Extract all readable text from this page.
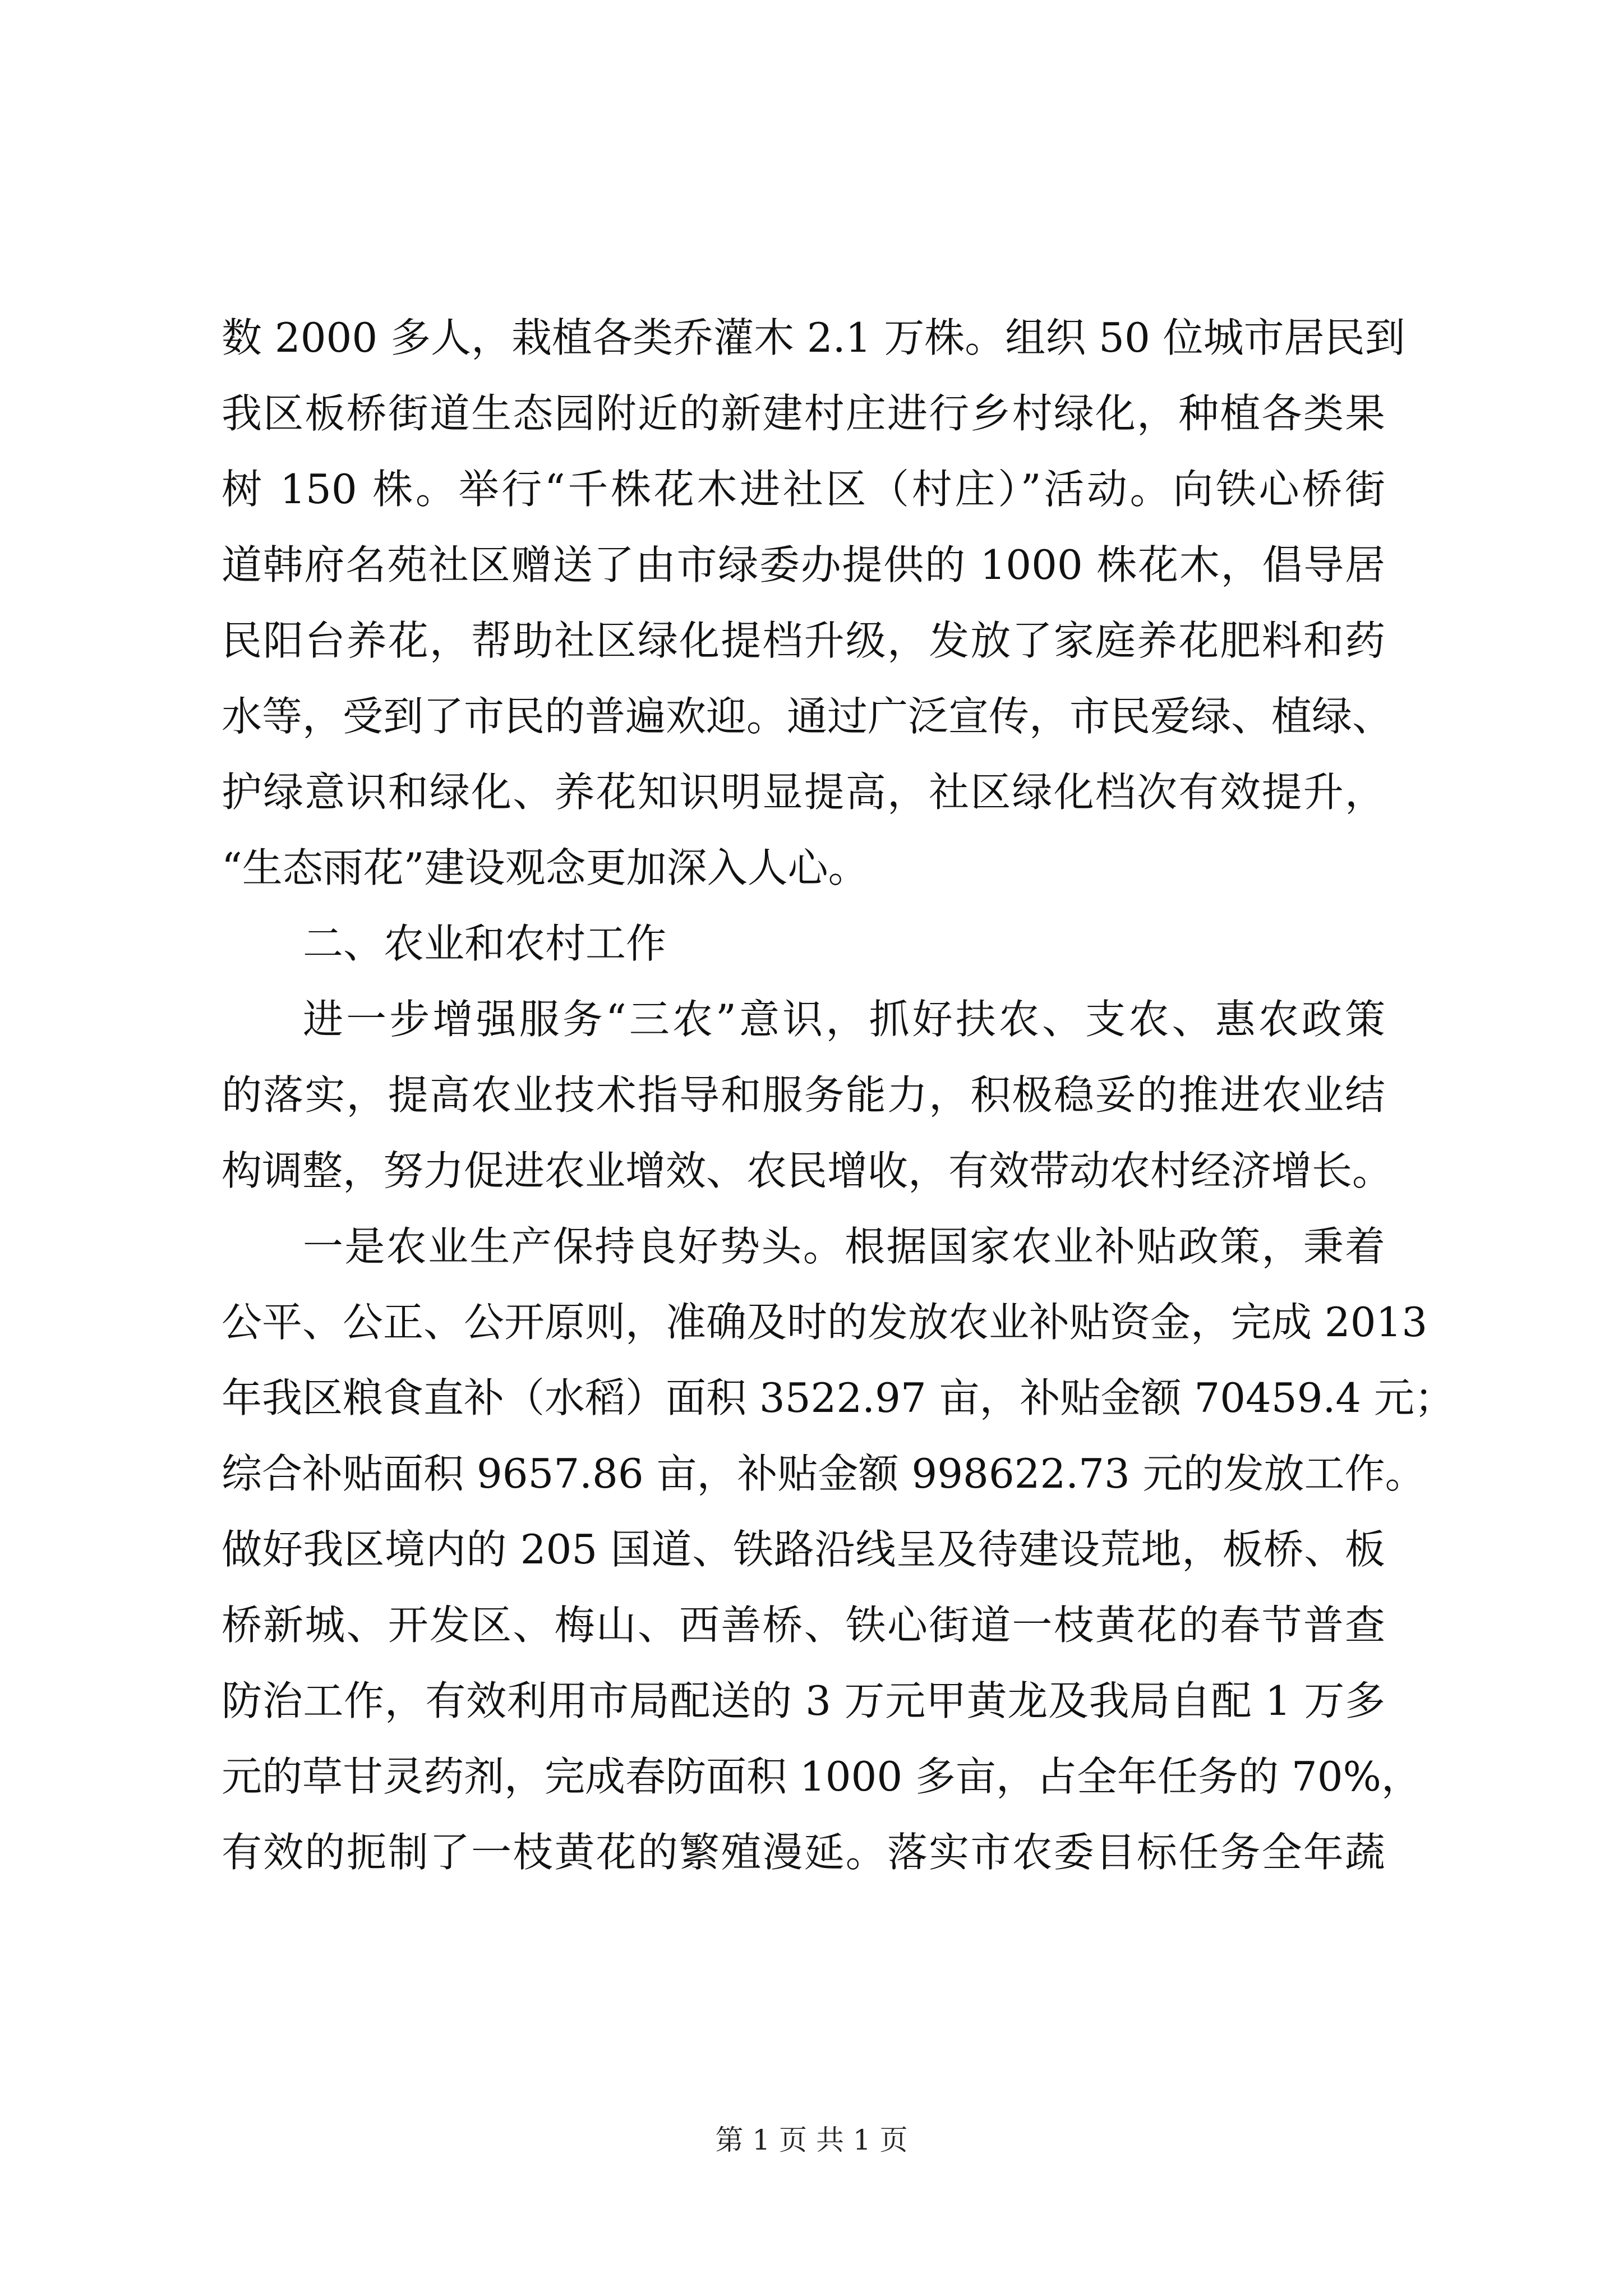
数 2000 多人，栽植各类乔灌木 2.1 万株。组织 50 位城市居民到
我区板桥街道生态园附近的新建村庄进行乡村绿化，种植各类果
树 150 株。举行“千株花木进社区（村庄）”活动。向铁心桥街
道韩府名苑社区赠送了由市绿委办提供的 1000 株花木，倡导居
民阳台养花，帮助社区绿化提档升级，发放了家庭养花肥料和药
水等，受到了市民的普遍欢迎。通过广泛宣传，市民爱绿、植绿、
护绿意识和绿化、养花知识明显提高，社区绿化档次有效提升，
“生态雨花”建设观念更加深入人心。
二、农业和农村工作
进一步增强服务“三农”意识，抓好扶农、支农、惠农政策
的落实，提高农业技术指导和服务能力，积极稳妥的推进农业结
构调整，努力促进农业增效、农民增收，有效带动农村经济增长。
一是农业生产保持良好势头。根据国家农业补贴政策，秉着
公平、公正、公开原则，准确及时的发放农业补贴资金，完成 2013
年我区粮食直补（水稻）面积 3522.97 亩，补贴金额 70459.4 元；
综合补贴面积 9657.86 亩，补贴金额 998622.73 元的发放工作。
做好我区境内的 205 国道、铁路沿线呈及待建设荒地，板桥、板
桥新城、开发区、梅山、西善桥、铁心街道一枝黄花的春节普查
防治工作，有效利用市局配送的 3 万元甲黄龙及我局自配 1 万多
元的草甘灵药剂，完成春防面积 1000 多亩，占全年任务的 70%，
有效的扼制了一枝黄花的繁殖漫延。落实市农委目标任务全年蔬
第 1 页 共 1 页
